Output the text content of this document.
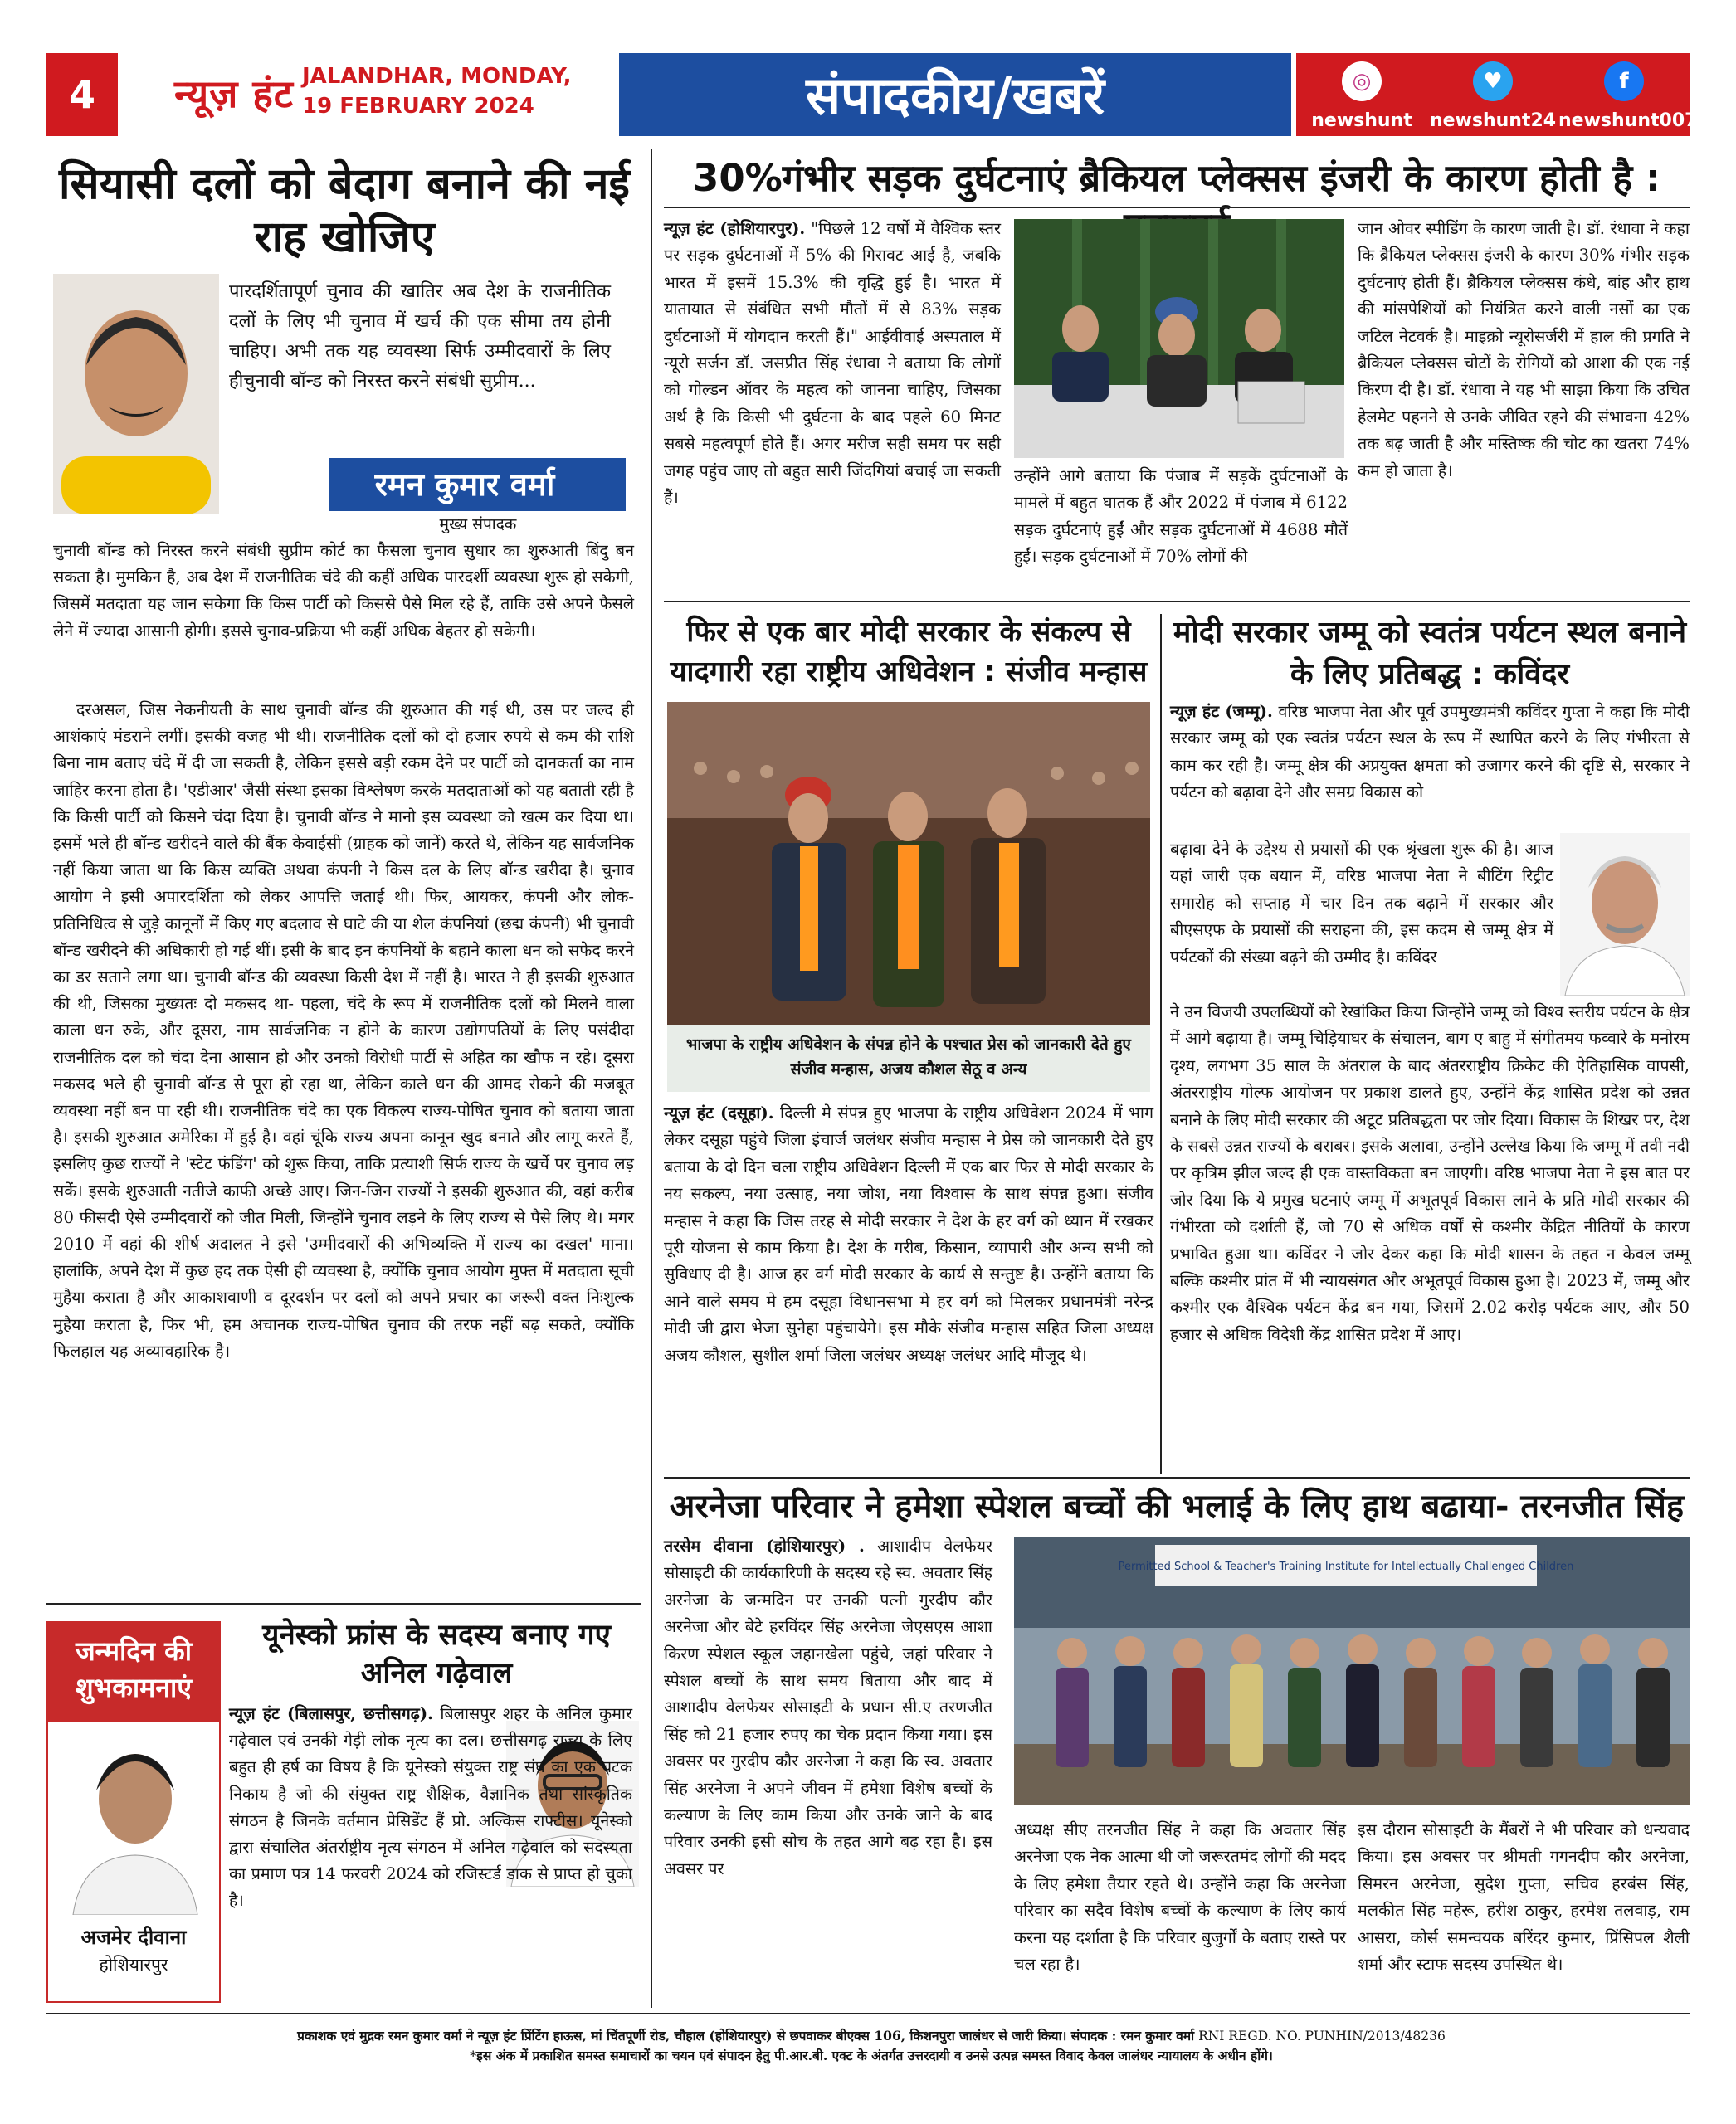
4	न्यूज़ हंट JALANDHAR, MONDAY,
19 FEBRUARY 2024	संपादकीय/खबरें	◎
newshunt
♥
newshunt24
f
newshunt007
सियासी दलों को बेदाग बनाने की नई राह खोजिए
पारदर्शितापूर्ण चुनाव की खातिर अब देश के राजनीतिक दलों के लिए भी चुनाव में खर्च की एक सीमा तय होनी चाहिए। अभी तक यह व्यवस्था सिर्फ उम्मीदवारों के लिए हीचुनावी बॉन्ड को निरस्त करने संबंधी सुप्रीम...
रमन कुमार वर्मा
मुख्य संपादक
चुनावी बॉन्ड को निरस्त करने संबंधी सुप्रीम कोर्ट का फैसला चुनाव सुधार का शुरुआती बिंदु बन सकता है। मुमकिन है, अब देश में राजनीतिक चंदे की कहीं अधिक पारदर्शी व्यवस्था शुरू हो सकेगी, जिसमें मतदाता यह जान सकेगा कि किस पार्टी को किससे पैसे मिल रहे हैं, ताकि उसे अपने फैसले लेने में ज्यादा आसानी होगी। इससे चुनाव-प्रक्रिया भी कहीं अधिक बेहतर हो सकेगी।
दरअसल, जिस नेकनीयती के साथ चुनावी बॉन्ड की शुरुआत की गई थी, उस पर जल्द ही आशंकाएं मंडराने लगीं। इसकी वजह भी थी। राजनीतिक दलों को दो हजार रुपये से कम की राशि बिना नाम बताए चंदे में दी जा सकती है, लेकिन इससे बड़ी रकम देने पर पार्टी को दानकर्ता का नाम जाहिर करना होता है। 'एडीआर' जैसी संस्था इसका विश्लेषण करके मतदाताओं को यह बताती रही है कि किसी पार्टी को किसने चंदा दिया है। चुनावी बॉन्ड ने मानो इस व्यवस्था को खत्म कर दिया था। इसमें भले ही बॉन्ड खरीदने वाले की बैंक केवाईसी (ग्राहक को जानें) करते थे, लेकिन यह सार्वजनिक नहीं किया जाता था कि किस व्यक्ति अथवा कंपनी ने किस दल के लिए बॉन्ड खरीदा है। चुनाव आयोग ने इसी अपारदर्शिता को लेकर आपत्ति जताई थी। फिर, आयकर, कंपनी और लोक-प्रतिनिधित्व से जुड़े कानूनों में किए गए बदलाव से घाटे की या शेल कंपनियां (छद्म कंपनी) भी चुनावी बॉन्ड खरीदने की अधिकारी हो गई थीं। इसी के बाद इन कंपनियों के बहाने काला धन को सफेद करने का डर सताने लगा था। चुनावी बॉन्ड की व्यवस्था किसी देश में नहीं है। भारत ने ही इसकी शुरुआत की थी, जिसका मुख्यतः दो मकसद था- पहला, चंदे के रूप में राजनीतिक दलों को मिलने वाला काला धन रुके, और दूसरा, नाम सार्वजनिक न होने के कारण उद्योगपतियों के लिए पसंदीदा राजनीतिक दल को चंदा देना आसान हो और उनको विरोधी पार्टी से अहित का खौफ न रहे। दूसरा मकसद भले ही चुनावी बॉन्ड से पूरा हो रहा था, लेकिन काले धन की आमद रोकने की मजबूत व्यवस्था नहीं बन पा रही थी। राजनीतिक चंदे का एक विकल्प राज्य-पोषित चुनाव को बताया जाता है। इसकी शुरुआत अमेरिका में हुई है। वहां चूंकि राज्य अपना कानून खुद बनाते और लागू करते हैं, इसलिए कुछ राज्यों ने 'स्टेट फंडिंग' को शुरू किया, ताकि प्रत्याशी सिर्फ राज्य के खर्चे पर चुनाव लड़ सकें। इसके शुरुआती नतीजे काफी अच्छे आए। जिन-जिन राज्यों ने इसकी शुरुआत की, वहां करीब 80 फीसदी ऐसे उम्मीदवारों को जीत मिली, जिन्होंने चुनाव लड़ने के लिए राज्य से पैसे लिए थे। मगर 2010 में वहां की शीर्ष अदालत ने इसे 'उम्मीदवारों की अभिव्यक्ति में राज्य का दखल' माना। हालांकि, अपने देश में कुछ हद तक ऐसी ही व्यवस्था है, क्योंकि चुनाव आयोग मुफ्त में मतदाता सूची मुहैया कराता है और आकाशवाणी व दूरदर्शन पर दलों को अपने प्रचार का जरूरी वक्त निःशुल्क मुहैया कराता है, फिर भी, हम अचानक राज्य-पोषित चुनाव की तरफ नहीं बढ़ सकते, क्योंकि फिलहाल यह अव्यावहारिक है।
जन्मदिन की शुभकामनाएं
अजमेर दीवाना
होशियारपुर
यूनेस्को फ्रांस के सदस्य बनाए गए अनिल गढ़ेवाल
न्यूज़ हंट (बिलासपुर, छत्तीसगढ़). बिलासपुर शहर के अनिल कुमार गढ़ेवाल एवं उनकी गेड़ी लोक नृत्य का दल। छत्तीसगढ़ राज्य के लिए बहुत ही हर्ष का विषय है कि यूनेस्को संयुक्त राष्ट्र संघ का एक घटक निकाय है जो की संयुक्त राष्ट्र शैक्षिक, वैज्ञानिक तथा सांस्कृतिक संगठन है जिनके वर्तमान प्रेसिडेंट हैं प्रो. अल्किस राफ्टीस। यूनेस्को द्वारा संचालित अंतर्राष्ट्रीय नृत्य संगठन में अनिल गढ़ेवाल को सदस्यता का प्रमाण पत्र 14 फरवरी 2024 को रजिस्टर्ड डाक से प्राप्त हो चुका है।
30%गंभीर सड़क दुर्घटनाएं ब्रैकियल प्लेक्सस इंजरी के कारण होती है :
न्यूज़ हंट (होशियारपुर). "पिछले 12 वर्षों में वैश्विक स्तर पर सड़क दुर्घटनाओं में 5% की गिरावट आई है, जबकि भारत में इसमें 15.3% की वृद्धि हुई है। भारत में यातायात से संबंधित सभी मौतों में से 83% सड़क दुर्घटनाओं में योगदान करती हैं।" आईवीवाई अस्पताल में न्यूरो सर्जन डॉ. जसप्रीत सिंह रंधावा ने बताया कि लोगों को गोल्डन ऑवर के महत्व को जानना चाहिए, जिसका अर्थ है कि किसी भी दुर्घटना के बाद पहले 60 मिनट सबसे महत्वपूर्ण होते हैं। अगर मरीज सही समय पर सही जगह पहुंच जाए तो बहुत सारी जिंदगियां बचाई जा सकती हैं।
उन्होंने आगे बताया कि पंजाब में सड़कें दुर्घटनाओं के मामले में बहुत घातक हैं और 2022 में पंजाब में 6122 सड़क दुर्घटनाएं हुईं और सड़क दुर्घटनाओं में 4688 मौतें हुईं। सड़क दुर्घटनाओं में 70% लोगों की
जान ओवर स्पीडिंग के कारण जाती है। डॉ. रंधावा ने कहा कि ब्रैकियल प्लेक्सस इंजरी के कारण 30% गंभीर सड़क दुर्घटनाएं होती हैं। ब्रैकियल प्लेक्सस कंधे, बांह और हाथ की मांसपेशियों को नियंत्रित करने वाली नसों का एक जटिल नेटवर्क है। माइक्रो न्यूरोसर्जरी में हाल की प्रगति ने ब्रैकियल प्लेक्सस चोटों के रोगियों को आशा की एक नई किरण दी है। डॉ. रंधावा ने यह भी साझा किया कि उचित हेलमेट पहनने से उनके जीवित रहने की संभावना 42% तक बढ़ जाती है और मस्तिष्क की चोट का खतरा 74% कम हो जाता है।
फिर से एक बार मोदी सरकार के संकल्प से यादगारी रहा राष्ट्रीय अधिवेशन : संजीव मन्हास
भाजपा के राष्ट्रीय अधिवेशन के संपन्न होने के पश्चात प्रेस को जानकारी देते हुए संजीव मन्हास, अजय कौशल सेठू व अन्य
न्यूज़ हंट (दसूहा). दिल्ली मे संपन्न हुए भाजपा के राष्ट्रीय अधिवेशन 2024 में भाग लेकर दसूहा पहुंचे जिला इंचार्ज जलंधर संजीव मन्हास ने प्रेस को जानकारी देते हुए बताया के दो दिन चला राष्ट्रीय अधिवेशन दिल्ली में एक बार फिर से मोदी सरकार के नय सकल्प, नया उत्साह, नया जोश, नया विश्वास के साथ संपन्न हुआ। संजीव मन्हास ने कहा कि जिस तरह से मोदी सरकार ने देश के हर वर्ग को ध्यान में रखकर पूरी योजना से काम किया है। देश के गरीब, किसान, व्यापारी और अन्य सभी को सुविधाए दी है। आज हर वर्ग मोदी सरकार के कार्य से सन्तुष्ट है। उन्होंने बताया कि आने वाले समय मे हम दसूहा विधानसभा मे हर वर्ग को मिलकर प्रधानमंत्री नरेन्द्र मोदी जी द्वारा भेजा सुनेहा पहुंचायेगे। इस मौके संजीव मन्हास सहित जिला अध्यक्ष अजय कौशल, सुशील शर्मा जिला जलंधर अध्यक्ष जलंधर आदि मौजूद थे।
मोदी सरकार जम्मू को स्वतंत्र पर्यटन स्थल बनाने के लिए प्रतिबद्ध : कविंदर
न्यूज़ हंट (जम्मू). वरिष्ठ भाजपा नेता और पूर्व उपमुख्यमंत्री कविंदर गुप्ता ने कहा कि मोदी सरकार जम्मू को एक स्वतंत्र पर्यटन स्थल के रूप में स्थापित करने के लिए गंभीरता से काम कर रही है। जम्मू क्षेत्र की अप्रयुक्त क्षमता को उजागर करने की दृष्टि से, सरकार ने पर्यटन को बढ़ावा देने और समग्र विकास को
बढ़ावा देने के उद्देश्य से प्रयासों की एक श्रृंखला शुरू की है। आज यहां जारी एक बयान में, वरिष्ठ भाजपा नेता ने बीटिंग रिट्रीट समारोह को सप्ताह में चार दिन तक बढ़ाने में सरकार और बीएसएफ के प्रयासों की सराहना की, इस कदम से जम्मू क्षेत्र में पर्यटकों की संख्या बढ़ने की उम्मीद है। कविंदर
ने उन विजयी उपलब्धियों को रेखांकित किया जिन्होंने जम्मू को विश्व स्तरीय पर्यटन के क्षेत्र में आगे बढ़ाया है। जम्मू चिड़ियाघर के संचालन, बाग ए बाहु में संगीतमय फव्वारे के मनोरम दृश्य, लगभग 35 साल के अंतराल के बाद अंतरराष्ट्रीय क्रिकेट की ऐतिहासिक वापसी, अंतरराष्ट्रीय गोल्फ आयोजन पर प्रकाश डालते हुए, उन्होंने केंद्र शासित प्रदेश को उन्नत बनाने के लिए मोदी सरकार की अटूट प्रतिबद्धता पर जोर दिया। विकास के शिखर पर, देश के सबसे उन्नत राज्यों के बराबर। इसके अलावा, उन्होंने उल्लेख किया कि जम्मू में तवी नदी पर कृत्रिम झील जल्द ही एक वास्तविकता बन जाएगी। वरिष्ठ भाजपा नेता ने इस बात पर जोर दिया कि ये प्रमुख घटनाएं जम्मू में अभूतपूर्व विकास लाने के प्रति मोदी सरकार की गंभीरता को दर्शाती हैं, जो 70 से अधिक वर्षों से कश्मीर केंद्रित नीतियों के कारण प्रभावित हुआ था। कविंदर ने जोर देकर कहा कि मोदी शासन के तहत न केवल जम्मू बल्कि कश्मीर प्रांत में भी न्यायसंगत और अभूतपूर्व विकास हुआ है। 2023 में, जम्मू और कश्मीर एक वैश्विक पर्यटन केंद्र बन गया, जिसमें 2.02 करोड़ पर्यटक आए, और 50 हजार से अधिक विदेशी केंद्र शासित प्रदेश में आए।
अरनेजा परिवार ने हमेशा स्पेशल बच्चों की भलाई के लिए हाथ बढाया- तरनजीत सिंह
तरसेम दीवाना (होशियारपुर) . आशादीप वेलफेयर सोसाइटी की कार्यकारिणी के सदस्य रहे स्व. अवतार सिंह अरनेजा के जन्मदिन पर उनकी पत्नी गुरदीप कौर अरनेजा और बेटे हरविंदर सिंह अरनेजा जेएसएस आशा किरण स्पेशल स्कूल जहानखेला पहुंचे, जहां परिवार ने स्पेशल बच्चों के साथ समय बिताया और बाद में आशादीप वेलफेयर सोसाइटी के प्रधान सी.ए तरणजीत सिंह को 21 हजार रुपए का चेक प्रदान किया गया। इस अवसर पर गुरदीप कौर अरनेजा ने कहा कि स्व. अवतार सिंह अरनेजा ने अपने जीवन में हमेशा विशेष बच्चों के कल्याण के लिए काम किया और उनके जाने के बाद परिवार उनकी इसी सोच के तहत आगे बढ़ रहा है। इस अवसर पर
Permitted School & Teacher's Training Institute for Intellectually Challenged Children
अध्यक्ष सीए तरनजीत सिंह ने कहा कि अवतार सिंह अरनेजा एक नेक आत्मा थी जो जरूरतमंद लोगों की मदद के लिए हमेशा तैयार रहते थे। उन्होंने कहा कि अरनेजा परिवार का सदैव विशेष बच्चों के कल्याण के लिए कार्य करना यह दर्शाता है कि परिवार बुजुर्गों के बताए रास्ते पर चल रहा है।
इस दौरान सोसाइटी के मैंबरों ने भी परिवार को धन्यवाद किया। इस अवसर पर श्रीमती गगनदीप कौर अरनेजा, सिमरन अरनेजा, सुदेश गुप्ता, सचिव हरबंस सिंह, मलकीत सिंह महेरू, हरीश ठाकुर, हरमेश तलवाड़, राम आसरा, कोर्स समन्वयक बरिंदर कुमार, प्रिंसिपल शैली शर्मा और स्टाफ सदस्य उपस्थित थे।
प्रकाशक एवं मुद्रक रमन कुमार वर्मा ने न्यूज़ हंट प्रिंटिंग हाऊस, मां चिंतपूर्णी रोड, चौहाल (होशियारपुर) से छपवाकर बीएक्स 106, किशनपुरा जालंधर से जारी किया। संपादक : रमन कुमार वर्मा RNI REGD. NO. PUNHIN/2013/48236
*इस अंक में प्रकाशित समस्त समाचारों का चयन एवं संपादन हेतु पी.आर.बी. एक्ट के अंतर्गत उत्तरदायी व उनसे उत्पन्न समस्त विवाद केवल जालंधर न्यायालय के अधीन होंगे।
